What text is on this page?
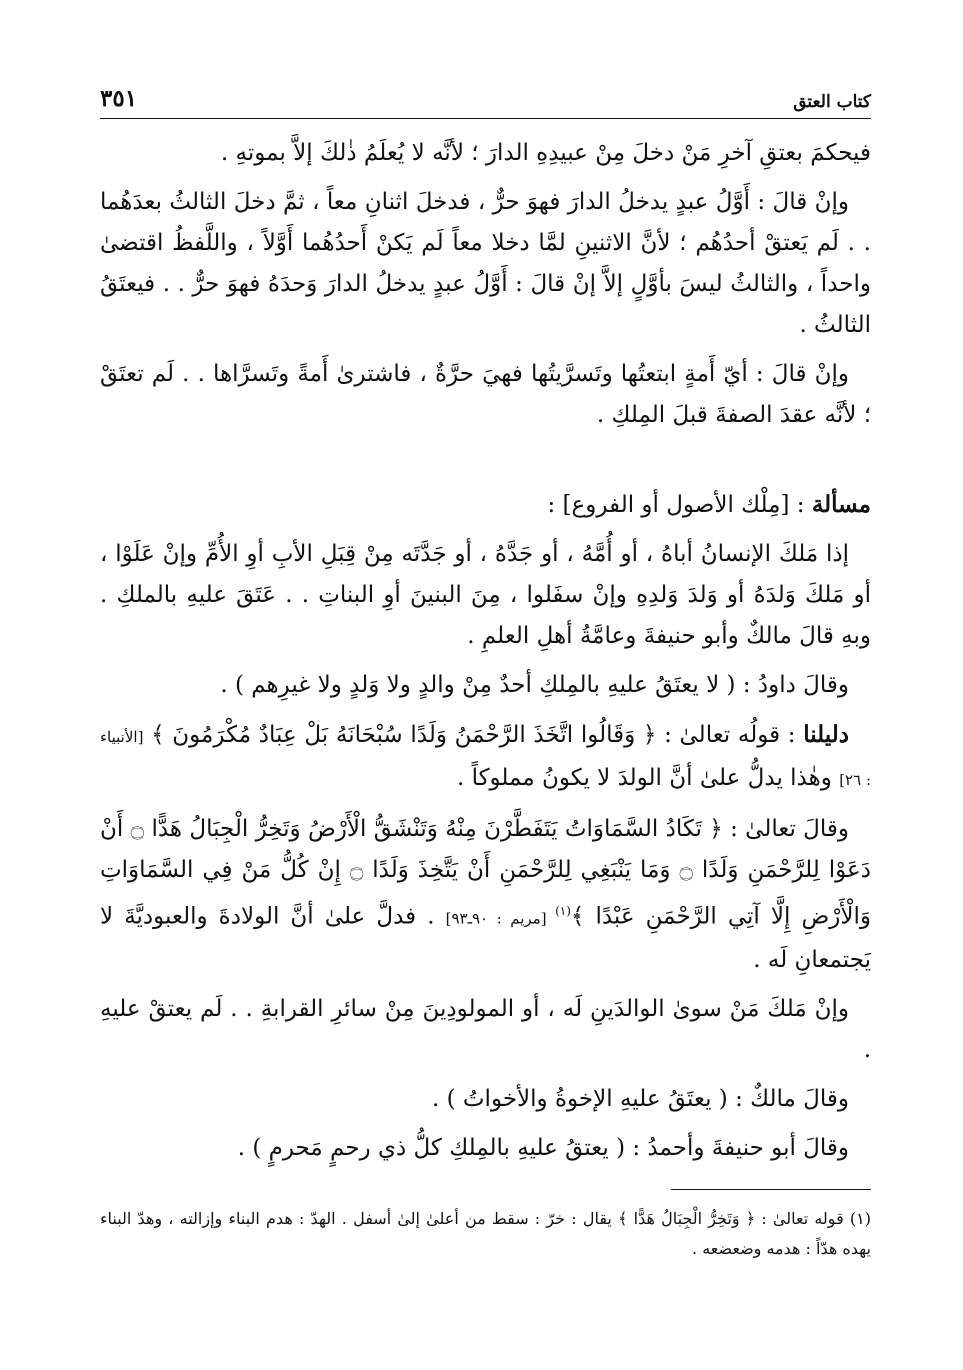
كتاب العتق
٣٥١

فيحكمَ بعتقِ آخرِ مَنْ دخلَ مِنْ عبيدِهِ الدارَ ؛ لأنَّه لا يُعلَمُ ذٰلكَ إلاَّ بموتهِ .

وإنْ قالَ : أَوَّلُ عبدٍ يدخلُ الدارَ فهوَ حرٌّ ، فدخلَ اثنانِ معاً ، ثمَّ دخلَ الثالثُ بعدَهُما . . لَم يَعتقْ أحدُهُم ؛ لأنَّ الاثنينِ لمَّا دخلا معاً لَم يَكنْ أَحدُهُما أَوَّلاً ، واللَّفظُ اقتضىٰ واحداً ، والثالثُ ليسَ بأوَّلٍ إلاَّ إنْ قالَ : أَوَّلُ عبدٍ يدخلُ الدارَ وَحدَهُ فهوَ حرٌّ . . فيعتَقُ الثالثُ .

وإنْ قالَ : أيّ أَمةٍ ابتعتُها وتَسرَّيتُها فهيَ حرَّةٌ ، فاشترىٰ أَمةً وتَسرَّاها . . لَم تعتَقْ ؛ لأنَّه عقدَ الصفةَ قبلَ المِلكِ .

مسألة : [مِلْك الأصول أو الفروع] :

إذا مَلكَ الإنسانُ أباهُ ، أو أُمَّهُ ، أو جَدَّهُ ، أو جَدَّتَه مِنْ قِبَلِ الأبِ أوِ الأُمِّ وإنْ عَلَوْا ، أو مَلكَ وَلدَهُ أو وَلدَ وَلدِهِ وإنْ سفَلوا ، مِنَ البنينَ أوِ البناتِ . . عَتَقَ عليهِ بالملكِ . وبهِ قالَ مالكٌ وأبو حنيفةَ وعامَّةُ أهلِ العلمِ .

وقالَ داودُ : ( لا يعتَقُ عليهِ بالمِلكِ أحدٌ مِنْ والدٍ ولا وَلدٍ ولا غيرِهم ) .

دليلنا : قولُه تعالىٰ : ﴿ وَقَالُوا اتَّخَذَ الرَّحْمَنُ وَلَدًا سُبْحَانَهُ بَلْ عِبَادٌ مُكْرَمُونَ ﴾ [الأنبياء : ٢٦] وهٰذا يدلُّ علىٰ أنَّ الولدَ لا يكونُ مملوكاً .

وقالَ تعالىٰ : ﴿ تَكَادُ السَّمَاوَاتُ يَتَفَطَّرْنَ مِنْهُ وَتَنْشَقُّ الْأَرْضُ وَتَخِرُّ الْجِبَالُ هَدًّا ۝ أَنْ دَعَوْا لِلرَّحْمَنِ وَلَدًا ۝ وَمَا يَنْبَغِي لِلرَّحْمَنِ أَنْ يَتَّخِذَ وَلَدًا ۝ إِنْ كُلُّ مَنْ فِي السَّمَاوَاتِ وَالْأَرْضِ إِلَّا آتِي الرَّحْمَنِ عَبْدًا ﴾$^{(١)}$ [مريم : ٩٠ـ٩٣] . فدلَّ علىٰ أنَّ الولادةَ والعبوديَّةَ لا يَجتمعانِ لَه .

وإنْ مَلكَ مَنْ سوىٰ الوالدَينِ لَه ، أو المولودِينَ مِنْ سائرِ القرابةِ . . لَم يعتقْ عليهِ .

وقالَ مالكٌ : ( يعتَقُ عليهِ الإخوةُ والأخواتُ ) .

وقالَ أبو حنيفةَ وأحمدُ : ( يعتقُ عليهِ بالمِلكِ كلُّ ذي رحمٍ مَحرمٍ ) .

(١) قوله تعالىٰ : ﴿ وَتَخِرُّ الْجِبَالُ هَدًّا ﴾ يقال : خرّ : سقط من أعلىٰ إلىٰ أسفل . الهدّ : هدم البناء وإزالته ، وهدّ البناء يهده هدّاً : هدمه وضعضعه .
